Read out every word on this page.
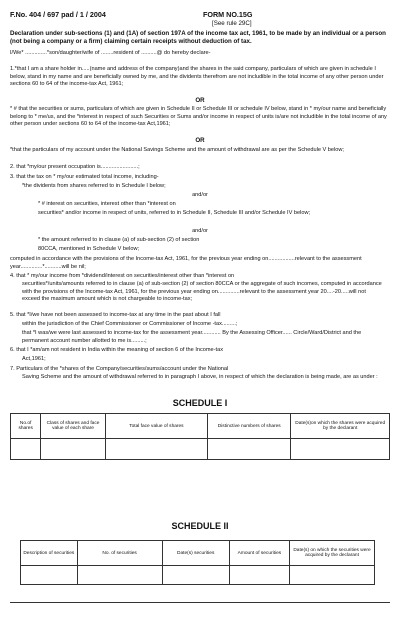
F.No. 404 / 697 pad / 1 / 2004	FORM NO.15G
[See rule 29C]
Declaration under sub-sections (1) and (1A) of section 197A of the income tax act, 1961, to be made by an individual or a person (not being a company or a firm) claiming certain receipts without deduction of tax.
I/We* ..............*son/daughter/wife of ........resident of ..........@ do hereby declare-
1.*that I am a share holder in.....(name and address of the company)and the shares in the said company, particulars of which are given in schedule I below, stand in my name and are beneficially owned by me, and the dividents therefrom are not includible in the total income of any other person under sections 60 to 64 of the income-tax Act, 1961;
OR
* # that the securities or sums, particulars of which are given in Schedule II or Schedule III or schedule IV below, stand in * my/our name and beneficially belong to * me/us, and the *interest in respect of such Securities or Sums and/or income in respect of units is/are not includible in the total income of any other person under sections 60 to 64 of the income-tax Act,1961;
OR
*that the particulars of my account under the National Savings Scheme and the amount of withdrawal are as per the Schedule V below;
2. that *my/our present occupation is........................;
3. that the tax on * my/our estimated total income, including-
*the dividents from shares referred to in Schedule I below;
and/or
* # interest on securities, interest other than *interest on
securities* and/or income in respect of units, referred to in Schedule II, Schedule III and/or Schedule IV below;
and/or
* the amount referred to in clause (a) of sub-section (2) of section
80CCA, mentioned in Schedule V below;
computed in accordance with the provisions of the Income-tax Act, 1961, for the previous year ending on.................relevant to the assessment year..............*...........will be nil;
4. that * my/our income from *dividend/interest on securities/interest other than *interest on
securities*/units/amounts referred to in clause (a) of sub-section (2) of section 80CCA or the aggregate of such incomes, computed in accordance with the provisions of the Income-tax Act, 1961, for the previous year ending on..............relevant to the assessment year 20....-20.....will not exceed the maximum amount which is not chargeable to income-tax;
5. that *I/we have not been assessed to income-tax at any time in the past about I fall
within the jurisdiction of the Chief Commissioner or Commissioner of Income -tax.........;
that *I was/we were last assessed to income-tax for the assessment year............ By the Assessing Officer...... Circle/Ward/District and the permanent account number allotted to me is.........;
6. that I *am/am not resident in India within the meaning of section 6 of the Income-tax
Act,1961;
7. Particulars of the *shares of the Company/securities/sums/account under the National
Saving Scheme and the amount of withdrawal referred to in paragraph I above, in respect of which the declaration is being made, are as under :
SCHEDULE I
No.of shares	Class of shares and face value of each share	Total face value of shares	Distinctive numbers of shares	Date(s)on which the shares were acquired by the declarant

SCHEDULE II
Description of securities	No. of securities	Date(s) securities	Amount of securities	Date(s) on which the securities were acquired by the declarant
